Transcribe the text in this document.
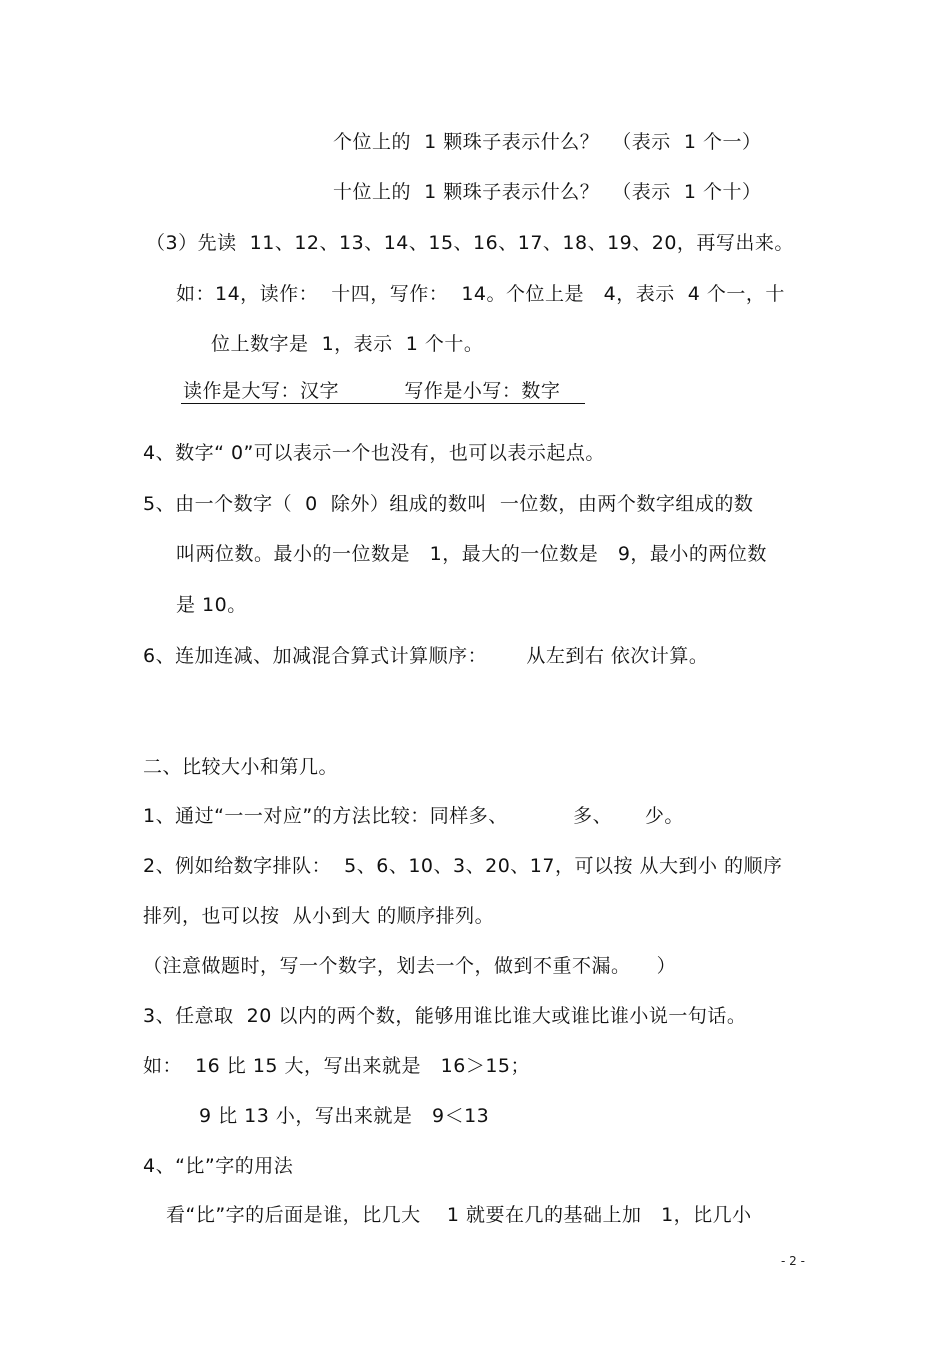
个位上的  1 颗珠子表示什么？  （表示  1 个一）
十位上的  1 颗珠子表示什么？  （表示  1 个十）
（3）先读  11、12、13、14、15、16、17、18、19、20，再写出来。
如：14，读作：  十四，写作：  14。个位上是   4，表示  4 个一，十
位上数字是  1，表示  1 个十。
读作是大写：汉字          写作是小写：数字
4、数字“ 0”可以表示一个也没有，也可以表示起点。
5、由一个数字（  0  除外）组成的数叫  一位数，由两个数字组成的数
叫两位数。最小的一位数是   1，最大的一位数是   9，最小的两位数
是 10。
6、连加连减、加减混合算式计算顺序：      从左到右 依次计算。
二、比较大小和第几。
1、通过“一一对应”的方法比较：同样多、          多、     少。
2、例如给数字排队：  5、6、10、3、20、17，可以按 从大到小 的顺序
排列，也可以按  从小到大 的顺序排列。
（注意做题时，写一个数字，划去一个，做到不重不漏。    ）
3、任意取  20 以内的两个数，能够用谁比谁大或谁比谁小说一句话。
如：  16 比 15 大，写出来就是   16＞15；
9 比 13 小，写出来就是   9＜13
4、“比”字的用法
看“比”字的后面是谁，比几大    1 就要在几的基础上加   1，比几小
- 2 -
